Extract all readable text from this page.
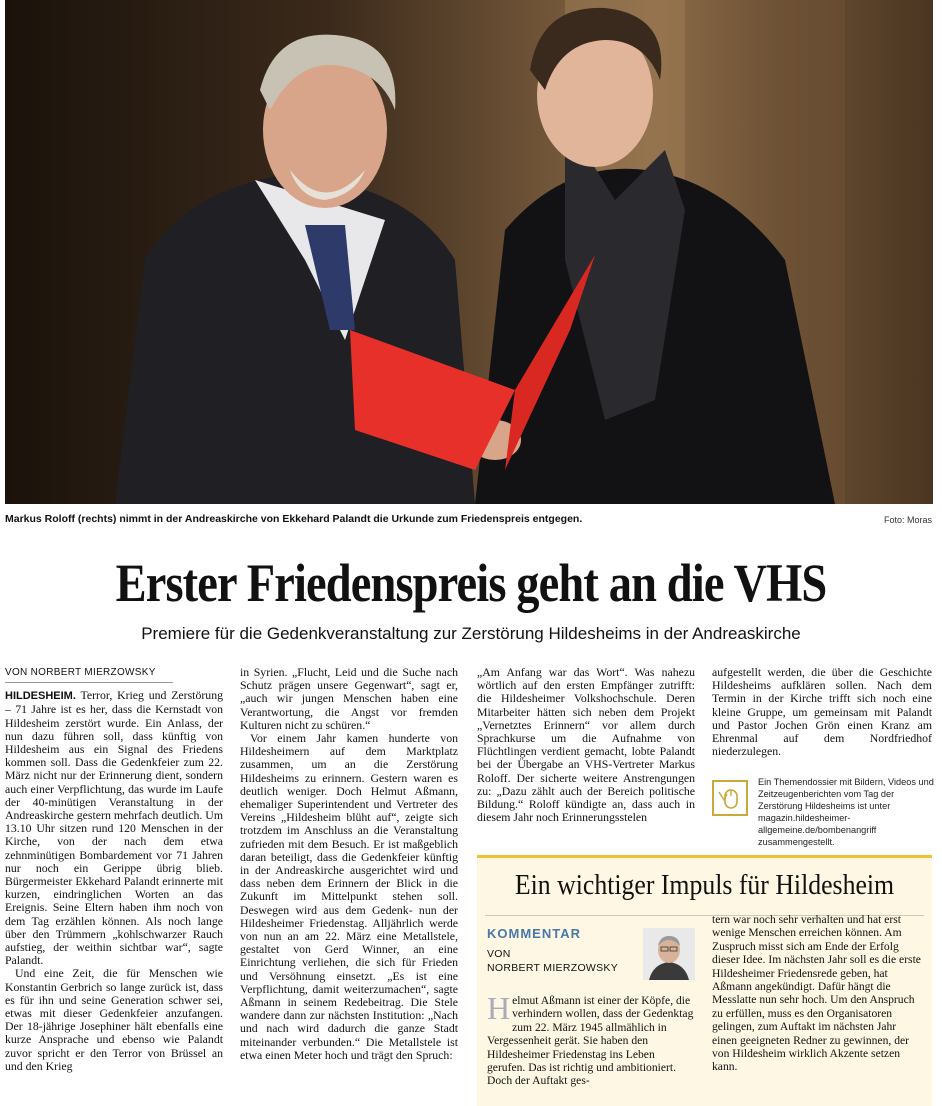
Markus Roloff (rechts) nimmt in der Andreaskirche von Ekkehard Palandt die Urkunde zum Friedenspreis entgegen.	Foto: Moras
Erster Friedenspreis geht an die VHS
Premiere für die Gedenkveranstaltung zur Zerstörung Hildesheims in der Andreaskirche
VON NORBERT MIERZOWSKY

HILDESHEIM. Terror, Krieg und Zerstörung – 71 Jahre ist es her, dass die Kernstadt von Hildesheim zerstört wurde. Ein Anlass, der nun dazu führen soll, dass künftig von Hildesheim aus ein Signal des Friedens kommen soll. Dass die Gedenkfeier zum 22. März nicht nur der Erinnerung dient, sondern auch einer Verpflichtung, das wurde im Laufe der 40-minütigen Veranstaltung in der Andreaskirche gestern mehrfach deutlich. Um 13.10 Uhr sitzen rund 120 Menschen in der Kirche, von der nach dem etwa zehnminütigen Bombardement vor 71 Jahren nur noch ein Gerippe übrig blieb. Bürgermeister Ekkehard Palandt erinnerte mit kurzen, eindringlichen Worten an das Ereignis. Seine Eltern haben ihm noch von dem Tag erzählen können. Als noch lange über den Trümmern „kohlschwarzer Rauch aufstieg, der weithin sichtbar war“, sagte Palandt.

Und eine Zeit, die für Menschen wie Konstantin Gerbrich so lange zurück ist, dass es für ihn und seine Generation schwer sei, etwas mit dieser Gedenkfeier anzufangen. Der 18-jährige Josephiner hält ebenfalls eine kurze Ansprache und ebenso wie Palandt zuvor spricht er den Terror von Brüssel an und den Krieg

in Syrien. „Flucht, Leid und die Suche nach Schutz prägen unsere Gegenwart“, sagt er, „auch wir jungen Menschen haben eine Verantwortung, die Angst vor fremden Kulturen nicht zu schüren.“

Vor einem Jahr kamen hunderte von Hildesheimern auf dem Marktplatz zusammen, um an die Zerstörung Hildesheims zu erinnern. Gestern waren es deutlich weniger. Doch Helmut Aßmann, ehemaliger Superintendent und Vertreter des Vereins „Hildesheim blüht auf“, zeigte sich trotzdem im Anschluss an die Veranstaltung zufrieden mit dem Besuch. Er ist maßgeblich daran beteiligt, dass die Gedenkfeier künftig in der Andreaskirche ausgerichtet wird und dass neben dem Erinnern der Blick in die Zukunft im Mittelpunkt stehen soll. Deswegen wird aus dem Gedenk- nun der Hildesheimer Friedenstag. Alljährlich werde von nun an am 22. März eine Metallstele, gestaltet von Gerd Winner, an eine Einrichtung verliehen, die sich für Frieden und Versöhnung einsetzt. „Es ist eine Verpflichtung, damit weiterzumachen“, sagte Aßmann in seinem Redebeitrag. Die Stele wandere dann zur nächsten Institution: „Nach und nach wird dadurch die ganze Stadt miteinander verbunden.“ Die Metallstele ist etwa einen Meter hoch und trägt den Spruch:

„Am Anfang war das Wort“. Was nahezu wörtlich auf den ersten Empfänger zutrifft: die Hildesheimer Volkshochschule. Deren Mitarbeiter hätten sich neben dem Projekt „Vernetztes Erinnern“ vor allem durch Sprachkurse um die Aufnahme von Flüchtlingen verdient gemacht, lobte Palandt bei der Übergabe an VHS-Vertreter Markus Roloff. Der sicherte weitere Anstrengungen zu: „Dazu zählt auch der Bereich politische Bildung.“ Roloff kündigte an, dass auch in diesem Jahr noch Erinnerungsstelen

aufgestellt werden, die über die Geschichte Hildesheims aufklären sollen. Nach dem Termin in der Kirche trifft sich noch eine kleine Gruppe, um gemeinsam mit Palandt und Pastor Jochen Grön einen Kranz am Ehrenmal auf dem Nordfriedhof niederzulegen.

Ein Themendossier mit Bildern, Videos und Zeitzeugenberichten vom Tag der Zerstörung Hildesheims ist unter magazin.hildesheimer-allgemeine.de/bombenangriff zusammengestellt.
Ein wichtiger Impuls für Hildesheim
KOMMENTAR
VON
NORBERT MIERZOWSKY
Helmut Aßmann ist einer der Köpfe, die verhindern wollen, dass der Gedenktag zum 22. März 1945 allmählich in Vergessenheit gerät. Sie haben den Hildesheimer Friedenstag ins Leben gerufen. Das ist richtig und ambitioniert. Doch der Auftakt ges-
tern war noch sehr verhalten und hat erst wenige Menschen erreichen können. Am Zuspruch misst sich am Ende der Erfolg dieser Idee. Im nächsten Jahr soll es die erste Hildesheimer Friedensrede geben, hat Aßmann angekündigt. Dafür hängt die Messlatte nun sehr hoch. Um den Anspruch zu erfüllen, muss es den Organisatoren gelingen, zum Auftakt im nächsten Jahr einen geeigneten Redner zu gewinnen, der von Hildesheim wirklich Akzente setzen kann.
